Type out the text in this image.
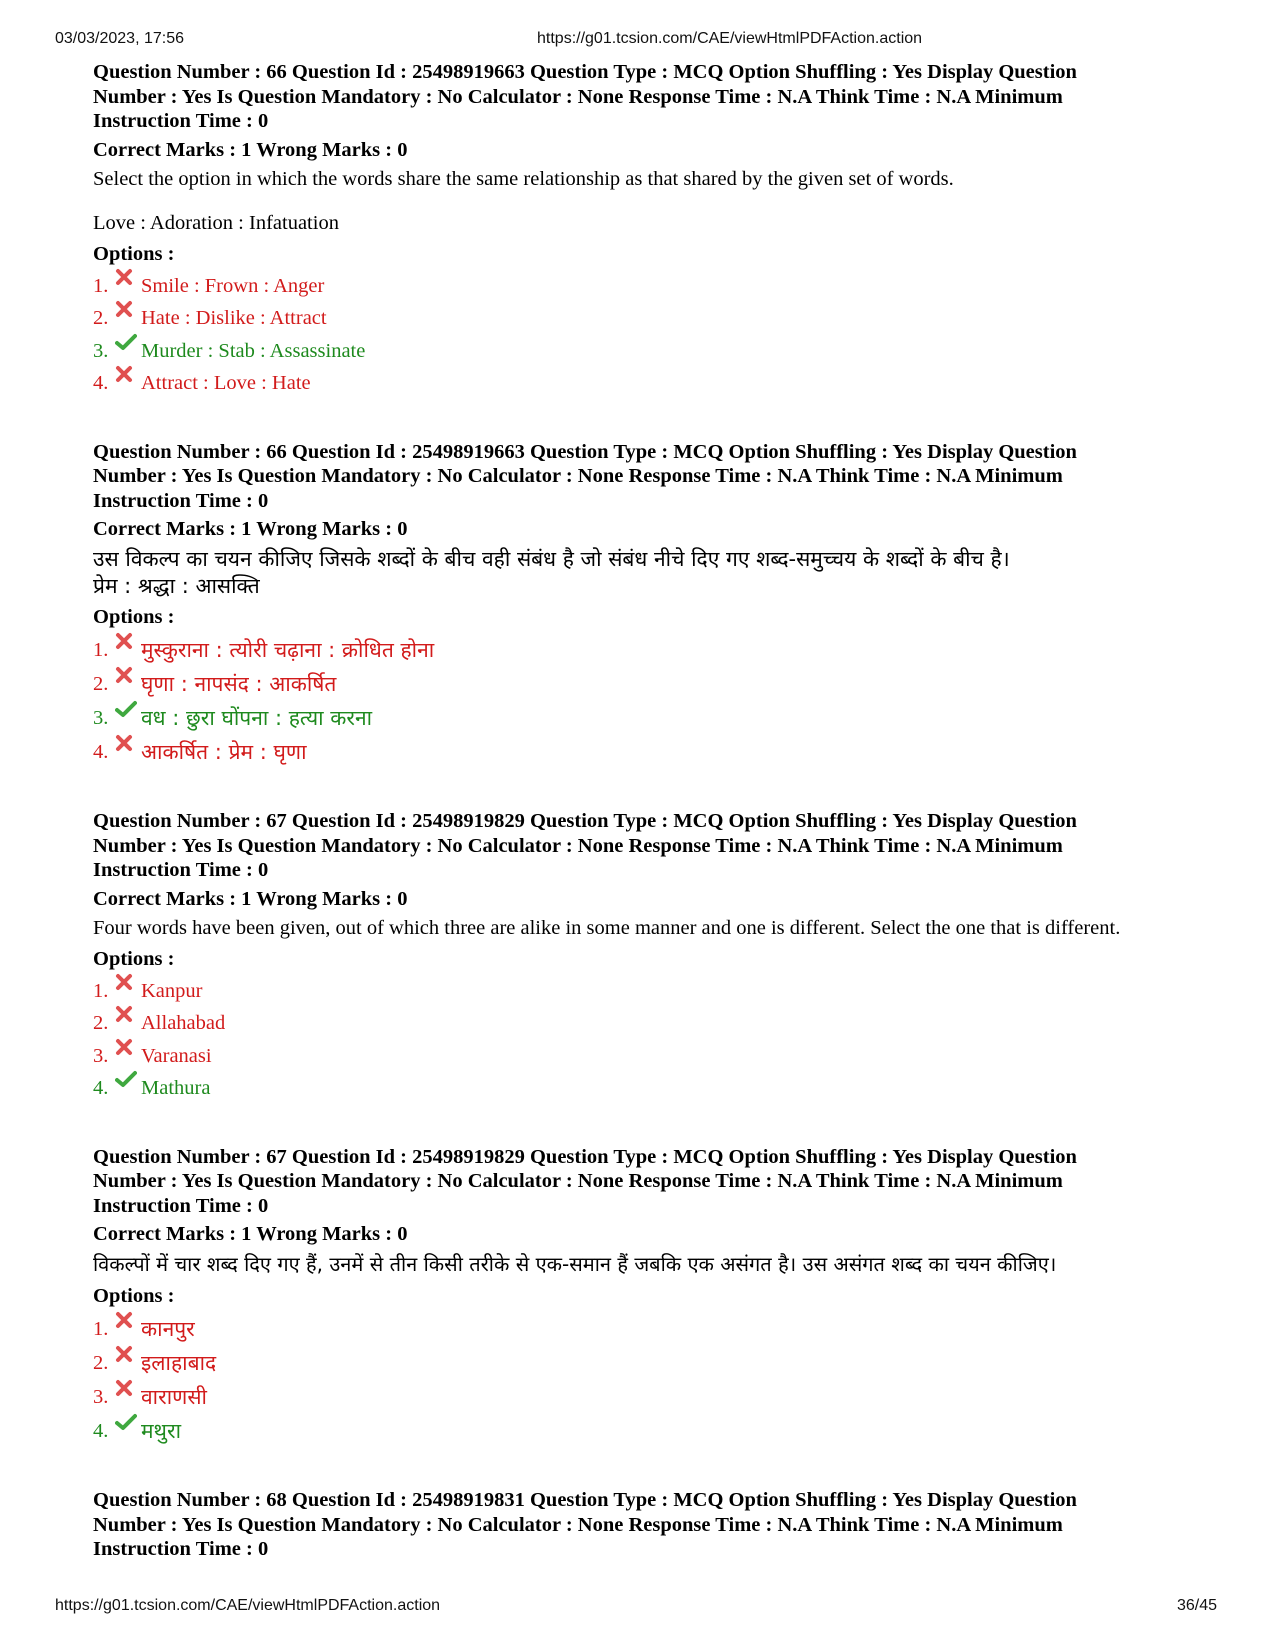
03/03/2023, 17:56	https://g01.tcsion.com/CAE/viewHtmlPDFAction.action

Question Number : 66 Question Id : 25498919663 Question Type : MCQ Option Shuffling : Yes Display Question
Number : Yes Is Question Mandatory : No Calculator : None Response Time : N.A Think Time : N.A Minimum
Instruction Time : 0

Correct Marks : 1 Wrong Marks : 0
Select the option in which the words share the same relationship as that shared by the given set of words.
Love : Adoration : Infatuation
Options :
1.	Smile : Frown : Anger
2.	Hate : Dislike : Attract
3.	Murder : Stab : Assassinate
4.	Attract : Love : Hate

Question Number : 66 Question Id : 25498919663 Question Type : MCQ Option Shuffling : Yes Display Question
Number : Yes Is Question Mandatory : No Calculator : None Response Time : N.A Think Time : N.A Minimum
Instruction Time : 0

Correct Marks : 1 Wrong Marks : 0
उस विकल्प का चयन कीजिए जिसके शब्दों के बीच वही संबंध है जो संबंध नीचे दिए गए शब्द-समुच्चय के शब्दों के बीच है।
प्रेम : श्रद्धा : आसक्ति
Options :
1.	मुस्कुराना : त्योरी चढ़ाना : क्रोधित होना
2.	घृणा : नापसंद : आकर्षित
3.	वध : छुरा घोंपना : हत्या करना
4.	आकर्षित : प्रेम : घृणा

Question Number : 67 Question Id : 25498919829 Question Type : MCQ Option Shuffling : Yes Display Question
Number : Yes Is Question Mandatory : No Calculator : None Response Time : N.A Think Time : N.A Minimum
Instruction Time : 0

Correct Marks : 1 Wrong Marks : 0
Four words have been given, out of which three are alike in some manner and one is different. Select the one that is different.
Options :
1.	Kanpur
2.	Allahabad
3.	Varanasi
4.	Mathura

Question Number : 67 Question Id : 25498919829 Question Type : MCQ Option Shuffling : Yes Display Question
Number : Yes Is Question Mandatory : No Calculator : None Response Time : N.A Think Time : N.A Minimum
Instruction Time : 0

Correct Marks : 1 Wrong Marks : 0
विकल्पों में चार शब्द दिए गए हैं, उनमें से तीन किसी तरीके से एक-समान हैं जबकि एक असंगत है। उस असंगत शब्द का चयन कीजिए।
Options :
1.	कानपुर
2.	इलाहाबाद
3.	वाराणसी
4.	मथुरा

Question Number : 68 Question Id : 25498919831 Question Type : MCQ Option Shuffling : Yes Display Question
Number : Yes Is Question Mandatory : No Calculator : None Response Time : N.A Think Time : N.A Minimum
Instruction Time : 0

https://g01.tcsion.com/CAE/viewHtmlPDFAction.action	36/45
